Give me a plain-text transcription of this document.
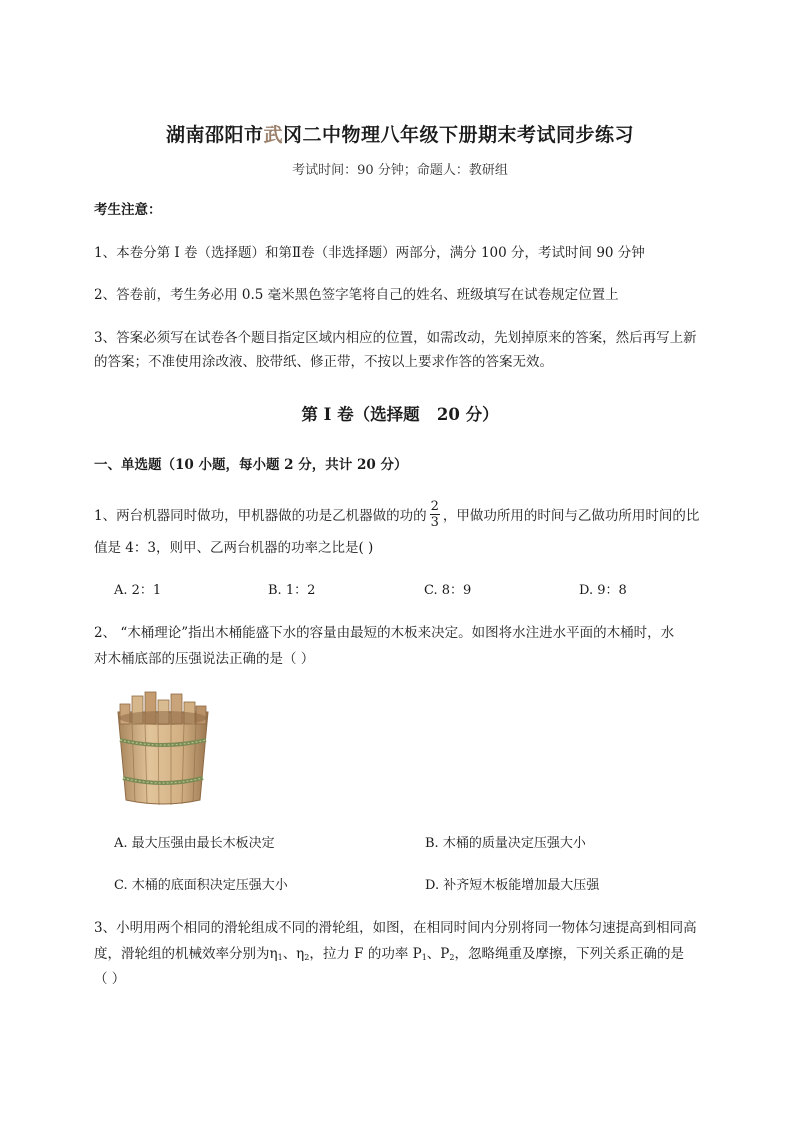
湖南邵阳市武冈二中物理八年级下册期末考试同步练习
考试时间：90 分钟；命题人：教研组
考生注意：
1、本卷分第 I 卷（选择题）和第Ⅱ卷（非选择题）两部分，满分 100 分，考试时间 90 分钟
2、答卷前，考生务必用 0.5 毫米黑色签字笔将自己的姓名、班级填写在试卷规定位置上
3、答案必须写在试卷各个题目指定区域内相应的位置，如需改动，先划掉原来的答案，然后再写上新
的答案；不准使用涂改液、胶带纸、修正带，不按以上要求作答的答案无效。
第 I 卷（选择题   20 分）
一、单选题（10 小题，每小题 2 分，共计 20 分）
1、两台机器同时做功，甲机器做的功是乙机器做的功的 $\frac{2}{3}$ ，甲做功所用的时间与乙做功所用时间的比
值是 4：3，则甲、乙两台机器的功率之比是( )
A. 2：1	B. 1：2	C. 8：9	D. 9：8
2、 “木桶理论”指出木桶能盛下水的容量由最短的木板来决定。如图将水注进水平面的木桶时，水
对木桶底部的压强说法正确的是（ ）
A. 最大压强由最长木板决定	B. 木桶的质量决定压强大小
C. 木桶的底面积决定压强大小	D. 补齐短木板能增加最大压强
3、小明用两个相同的滑轮组成不同的滑轮组，如图，在相同时间内分别将同一物体匀速提高到相同高
度，滑轮组的机械效率分别为$\eta_1$、$\eta_2$，拉力 F 的功率 $P_1$、$P_2$，忽略绳重及摩擦，下列关系正确的是
（ ）
